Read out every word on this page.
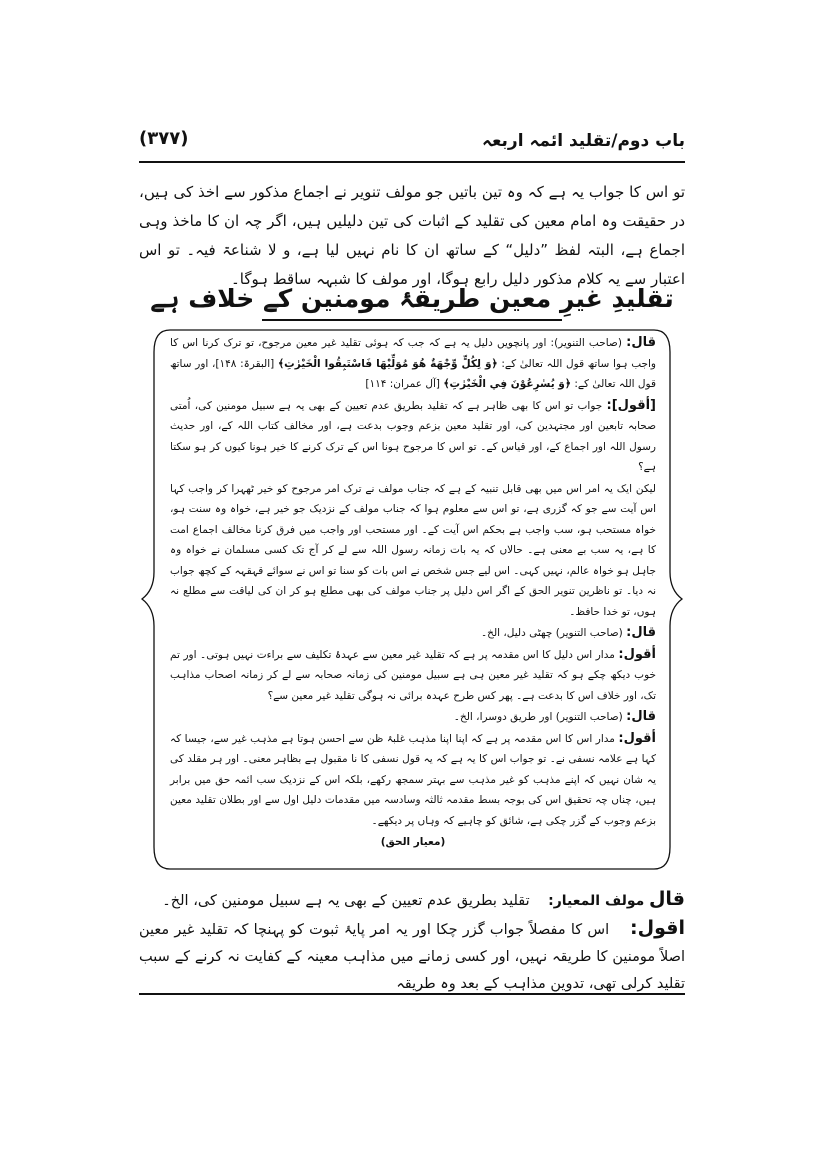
باب دوم/تقلید ائمہ اربعہ
(۳۷۷)
تو اس کا جواب یہ ہے کہ وہ تین باتیں جو مولف تنویر نے اجماع مذکور سے اخذ کی ہیں، در حقیقت وہ امام معین کی تقلید کے اثبات کی تین دلیلیں ہیں، اگر چہ ان کا ماخذ وہی اجماع ہے، البتہ لفظ ”دلیل“ کے ساتھ ان کا نام نہیں لیا ہے، و لا شناعۃ فیہ۔ تو اس اعتبار سے یہ کلام مذکور دلیل رابع ہوگا، اور مولف کا شبہہ ساقط ہوگا۔
تقلیدِ غیرِ معین طریقۂ مومنین کے خلاف ہے

قال: (صاحب التنویر): اور پانچویں دلیل یہ ہے کہ جب کہ ہوئی تقلید غیر معین مرجوح، تو ترک کرنا اس کا واجب ہوا ساتھ قول اللہ تعالیٰ کے: ﴿وَ لِكُلٍّ وِّجْهَةٌ هُوَ مُوَلِّيْهَا فَاسْتَبِقُوا الْخَيْرٰتِ﴾ [البقرۃ: ۱۴۸]، اور ساتھ قول اللہ تعالیٰ کے: ﴿وَ يُسٰرِعُوْنَ فِي الْخَيْرٰتِ﴾ [آل عمران: ۱۱۴]

[أقول]: جواب تو اس کا بھی ظاہر ہے کہ تقلید بطریق عدم تعیین کے بھی یہ ہے سبیل مومنین کی، اُمتی صحابہ تابعین اور مجتہدین کی، اور تقلید معین بزعم وجوب بدعت ہے، اور مخالف کتاب اللہ کے، اور حدیث رسول اللہ اور اجماع کے، اور قیاس کے۔ تو اس کا مرجوح ہونا اس کے ترک کرنے کا خیر ہونا کیوں کر ہو سکتا ہے؟

لیکن ایک یہ امر اس میں بھی قابل تنبیہ کے ہے کہ جناب مولف نے ترک امر مرجوح کو خیر ٹھہرا کر واجب کہا اس آیت سے جو کہ گزری ہے، تو اس سے معلوم ہوا کہ جناب مولف کے نزدیک جو خیر ہے، خواہ وہ سنت ہو، خواہ مستحب ہو، سب واجب ہے بحکم اس آیت کے۔ اور مستحب اور واجب میں فرق کرنا مخالف اجماع امت کا ہے، یہ سب بے معنی ہے۔ حالاں کہ یہ بات زمانہ رسول اللہ سے لے کر آج تک کسی مسلمان نے خواہ وہ جاہل ہو خواہ عالم، نہیں کہی۔ اس لیے جس شخص نے اس بات کو سنا تو اس نے سوائے قہقہہ کے کچھ جواب نہ دیا۔ تو ناظرین تنویر الحق کے اگر اس دلیل پر جناب مولف کی بھی مطلع ہو کر ان کی لیاقت سے مطلع نہ ہوں، تو خدا حافظ۔

قال: (صاحب التنویر) چھٹی دلیل، الخ۔

أقول: مدار اس دلیل کا اس مقدمہ پر ہے کہ تقلید غیر معین سے عہدۂ تکلیف سے براءت نہیں ہوتی۔ اور تم خوب دیکھ چکے ہو کہ تقلید غیر معین ہی ہے سبیل مومنین کی زمانہ صحابہ سے لے کر زمانہ اصحاب مذاہب تک، اور خلاف اس کا بدعت ہے۔ پھر کس طرح عہدہ برائی نہ ہوگی تقلید غیر معین سے؟

قال: (صاحب التنویر) اور طریق دوسرا، الخ۔

أقول: مدار اس کا اس مقدمہ پر ہے کہ اپنا اپنا مذہب غلبۂ ظن سے احسن ہوتا ہے مذہب غیر سے، جیسا کہ کہا ہے علامہ نسفی نے۔ تو جواب اس کا یہ ہے کہ یہ قول نسفی کا نا مقبول ہے بظاہر معنی۔ اور ہر مقلد کی یہ شان نہیں کہ اپنے مذہب کو غیر مذہب سے بہتر سمجھ رکھے، بلکہ اس کے نزدیک سب ائمہ حق میں برابر ہیں، چناں چہ تحقیق اس کی بوجہ بسط مقدمہ ثالثہ وسادسہ میں مقدمات دلیل اول سے اور بطلان تقلید معین بزعم وجوب کے گزر چکی ہے، شائق کو چاہیے کہ وہاں پر دیکھے۔

(معیار الحق)

قال مولف المعیار:    تقلید بطریق عدم تعیین کے بھی یہ ہے سبیل مومنین کی، الخ۔

اقول:    اس کا مفصلاً جواب گزر چکا اور یہ امر پایۂ ثبوت کو پہنچا کہ تقلید غیر معین اصلاً مومنین کا طریقہ نہیں، اور کسی زمانے میں مذاہب معینہ کے کفایت نہ کرنے کے سبب تقلید کرلی تھی، تدوین مذاہب کے بعد وہ طریقہ
